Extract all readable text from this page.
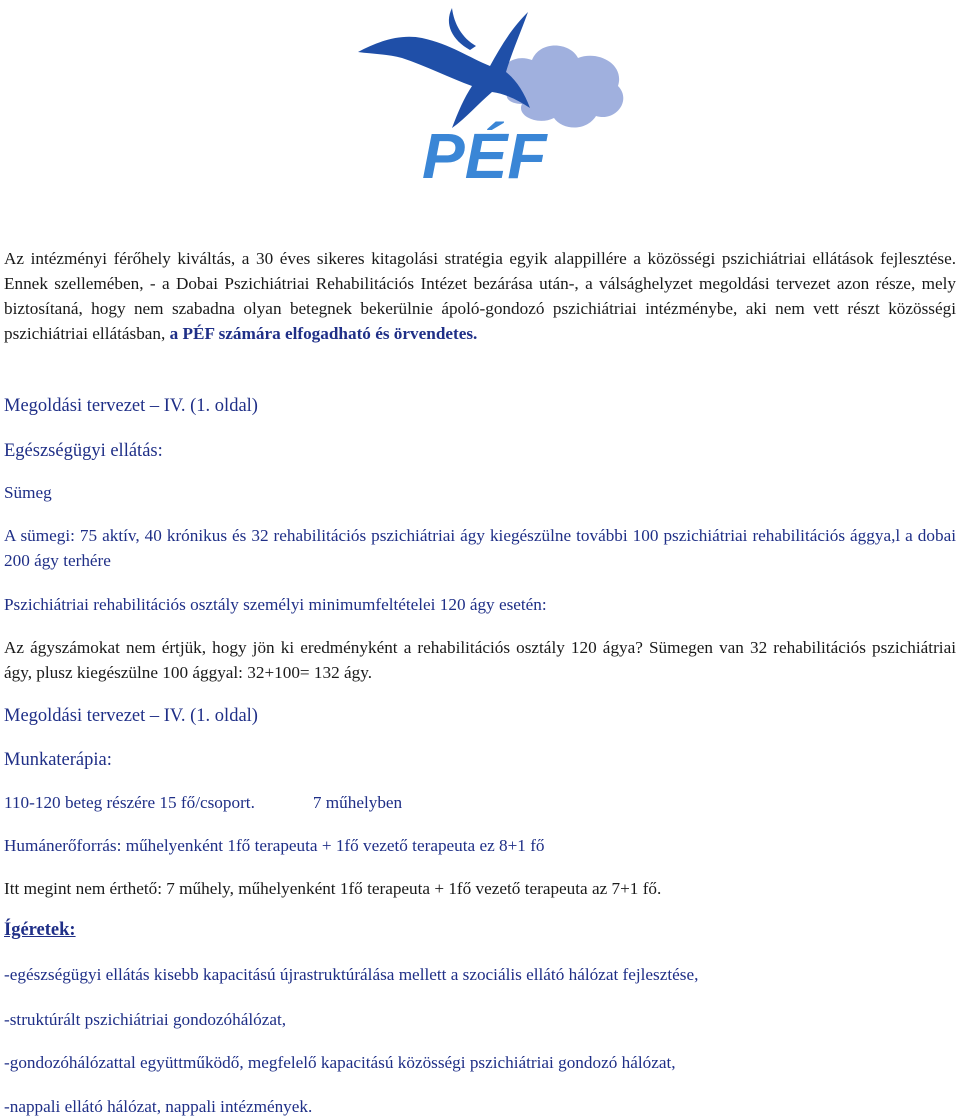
PÉF

Az intézményi férőhely kiváltás, a 30 éves sikeres kitagolási stratégia egyik alappillére a közösségi pszichiátriai ellátások fejlesztése. Ennek szellemében, - a Dobai Pszichiátriai Rehabilitációs Intézet bezárása után-, a válsághelyzet megoldási tervezet azon része, mely biztosítaná, hogy nem szabadna olyan betegnek bekerülnie ápoló-gondozó pszichiátriai intézménybe, aki nem vett részt közösségi pszichiátriai ellátásban, a PÉF számára elfogadható és örvendetes.

Megoldási tervezet – IV. (1. oldal)

Egészségügyi ellátás:

Sümeg

A sümegi: 75 aktív, 40 krónikus és 32 rehabilitációs pszichiátriai ágy kiegészülne további 100 pszichiátriai rehabilitációs ággya,l a dobai 200 ágy terhére

Pszichiátriai rehabilitációs osztály személyi minimumfeltételei 120 ágy esetén:

Az ágyszámokat nem értjük, hogy jön ki eredményként a rehabilitációs osztály 120 ágya? Sümegen van 32 rehabilitációs pszichiátriai ágy, plusz kiegészülne 100 ággyal: 32+100= 132 ágy.

Megoldási tervezet – IV. (1. oldal)

Munkaterápia:

110-120 beteg részére 15 fő/csoport.	7 műhelyben

Humánerőforrás: műhelyenként 1fő terapeuta + 1fő vezető terapeuta ez 8+1 fő

Itt megint nem érthető: 7 műhely, műhelyenként 1fő terapeuta + 1fő vezető terapeuta az 7+1 fő.

Ígéretek:

-egészségügyi ellátás kisebb kapacitású újrastruktúrálása mellett a szociális ellátó hálózat fejlesztése,

-struktúrált pszichiátriai gondozóhálózat,

-gondozóhálózattal együttműködő, megfelelő kapacitású közösségi pszichiátriai gondozó hálózat,

-nappali ellátó hálózat, nappali intézmények.
